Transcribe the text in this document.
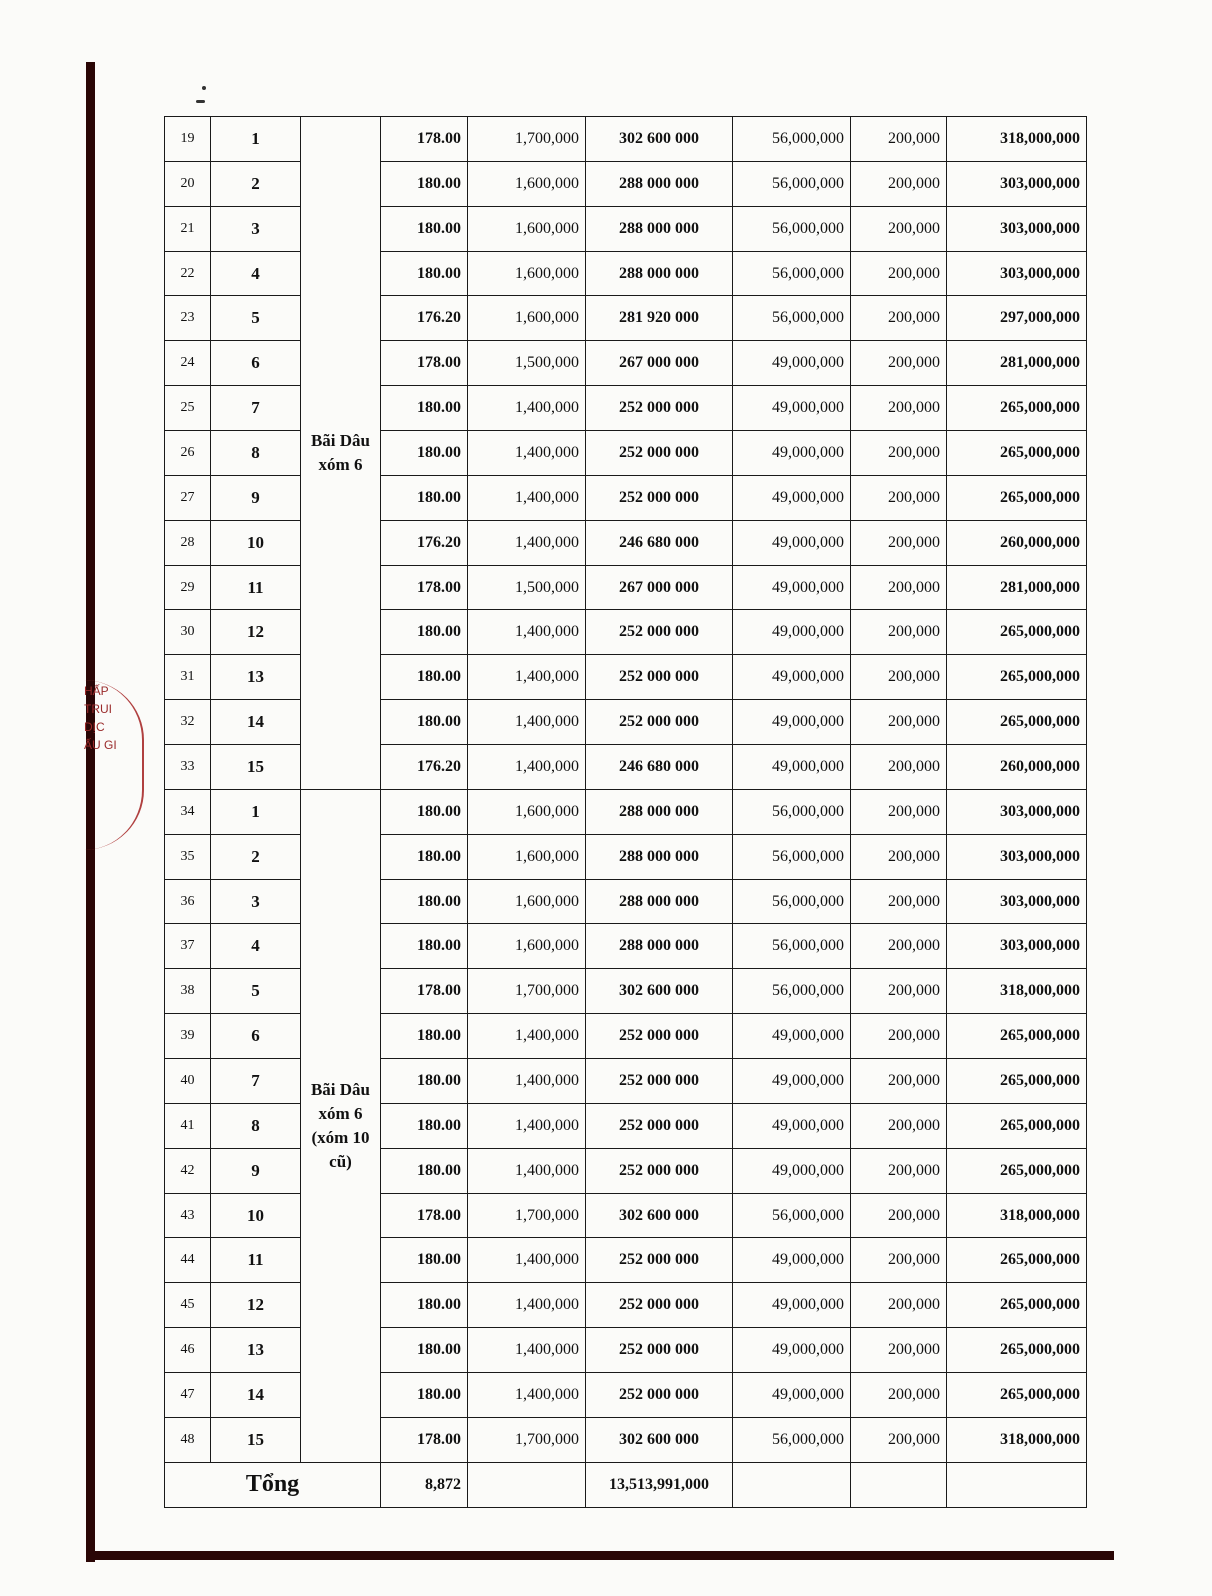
HẤP
TRUI
DỊC
ẤU GI
19	1	Bãi Dâu xóm 6	178.00	1,700,000	302 600 000	56,000,000	200,000	318,000,000
20	2		180.00	1,600,000	288 000 000	56,000,000	200,000	303,000,000
21	3		180.00	1,600,000	288 000 000	56,000,000	200,000	303,000,000
22	4		180.00	1,600,000	288 000 000	56,000,000	200,000	303,000,000
23	5		176.20	1,600,000	281 920 000	56,000,000	200,000	297,000,000
24	6		178.00	1,500,000	267 000 000	49,000,000	200,000	281,000,000
25	7		180.00	1,400,000	252 000 000	49,000,000	200,000	265,000,000
26	8		180.00	1,400,000	252 000 000	49,000,000	200,000	265,000,000
27	9		180.00	1,400,000	252 000 000	49,000,000	200,000	265,000,000
28	10		176.20	1,400,000	246 680 000	49,000,000	200,000	260,000,000
29	11		178.00	1,500,000	267 000 000	49,000,000	200,000	281,000,000
30	12		180.00	1,400,000	252 000 000	49,000,000	200,000	265,000,000
31	13		180.00	1,400,000	252 000 000	49,000,000	200,000	265,000,000
32	14		180.00	1,400,000	252 000 000	49,000,000	200,000	265,000,000
33	15		176.20	1,400,000	246 680 000	49,000,000	200,000	260,000,000
34	1	Bãi Dâu xóm 6 (xóm 10 cũ)	180.00	1,600,000	288 000 000	56,000,000	200,000	303,000,000
35	2		180.00	1,600,000	288 000 000	56,000,000	200,000	303,000,000
36	3		180.00	1,600,000	288 000 000	56,000,000	200,000	303,000,000
37	4		180.00	1,600,000	288 000 000	56,000,000	200,000	303,000,000
38	5		178.00	1,700,000	302 600 000	56,000,000	200,000	318,000,000
39	6		180.00	1,400,000	252 000 000	49,000,000	200,000	265,000,000
40	7		180.00	1,400,000	252 000 000	49,000,000	200,000	265,000,000
41	8		180.00	1,400,000	252 000 000	49,000,000	200,000	265,000,000
42	9		180.00	1,400,000	252 000 000	49,000,000	200,000	265,000,000
43	10		178.00	1,700,000	302 600 000	56,000,000	200,000	318,000,000
44	11		180.00	1,400,000	252 000 000	49,000,000	200,000	265,000,000
45	12		180.00	1,400,000	252 000 000	49,000,000	200,000	265,000,000
46	13		180.00	1,400,000	252 000 000	49,000,000	200,000	265,000,000
47	14		180.00	1,400,000	252 000 000	49,000,000	200,000	265,000,000
48	15		178.00	1,700,000	302 600 000	56,000,000	200,000	318,000,000
Tổng			8,872		13,513,991,000			
